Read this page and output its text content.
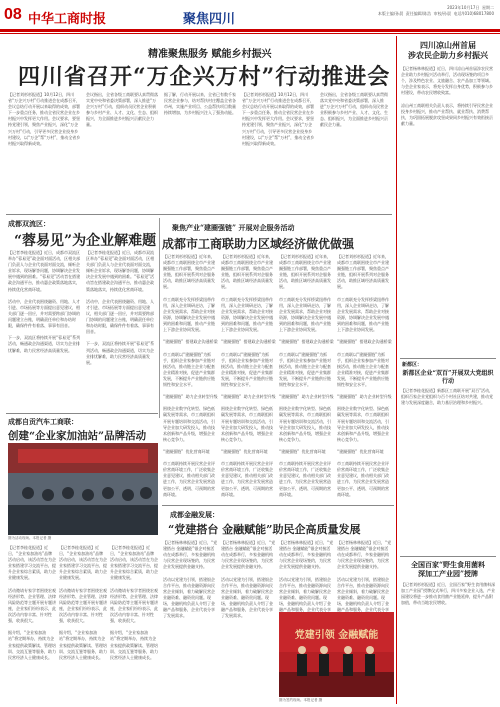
08 中华工商时报	聚焦四川
2023年10月17日  星期二
本版主编/孙晨  责任编辑/陈浩  审校/孙晨  电话/(010)68017800
精准聚焦服务 赋能乡村振兴
四川省召开“万企兴万村”行动推进会
【记者刘杉杉报道】10月12日，四川省“万企兴万村”行动推进会在成都召开，会议总结行动开展以来取得的成效，部署下一步重点任务，推动全省民营企业在乡村振兴中发挥更大作用。会议要求，要坚持党建引领，聚焦产业振兴，深化“万企兴万村”行动，引导更多民营企业投身乡村建设，以“万企”帮“万村”，推动全省乡村振兴取得新成效。
会议指出，全省各级工商联要认真贯彻落实党中央和省委决策部署，深入推进“万企兴万村”行动，组织动员民营企业积极参与乡村产业、人才、文化、生态、组织振兴，为全面推进乡村振兴贡献民企力量。
据了解，行动开展以来，全省已有数千家民营企业参与，结对帮扶村庄覆盖全省各市州，实施产业项目、公益帮扶项目数量持续增加，为乡村振兴注入了强劲动能。
【记者刘杉杉报道】10月12日，四川省“万企兴万村”行动推进会在成都召开，会议总结行动开展以来取得的成效，部署下一步重点任务，推动全省民营企业在乡村振兴中发挥更大作用。会议要求，要坚持党建引领，聚焦产业振兴，深化“万企兴万村”行动，引导更多民营企业投身乡村建设，以“万企”帮“万村”，推动全省乡村振兴取得新成效。
会议指出，全省各级工商联要认真贯彻落实党中央和省委决策部署，深入推进“万企兴万村”行动，组织动员民营企业积极参与乡村产业、人才、文化、生态、组织振兴，为全面推进乡村振兴贡献民企力量。
成都双流区：
“蓉易见”为企业解难题
【记者李桂花报道】近日，成都市双流区举办“蓉易见”政企面对面活动，区相关部门负责人与企业代表面对面交流，倾听企业诉求，现场解答问题，协调解决企业发展中遇到的困难。“蓉易见”活动旨在搭建政企沟通平台，推动惠企政策落地落实，持续优化营商环境。

活动中，企业代表围绕融资、用地、人才引进、市场拓展等方面提出意见建议，相关部门逐一回应，并对需要跨部门协调的问题建立台账，明确责任单位和办结时限，确保件件有着落、事事有回音。

下一步，双流区将持续开展“蓉易见”系列活动，畅通政企沟通渠道，切实为企业排忧解难，助力民营经济高质量发展。
【记者李桂花报道】近日，成都市双流区举办“蓉易见”政企面对面活动，区相关部门负责人与企业代表面对面交流，倾听企业诉求，现场解答问题，协调解决企业发展中遇到的困难。“蓉易见”活动旨在搭建政企沟通平台，推动惠企政策落地落实，持续优化营商环境。

活动中，企业代表围绕融资、用地、人才引进、市场拓展等方面提出意见建议，相关部门逐一回应，并对需要跨部门协调的问题建立台账，明确责任单位和办结时限，确保件件有着落、事事有回音。

下一步，双流区将持续开展“蓉易见”系列活动，畅通政企沟通渠道，切实为企业排忧解难，助力民营经济高质量发展。
聚焦产业“建圈强链” 开展对企服务活动
成都市工商联助力区域经济做优做强
【记者刘杉杉报道】近年来，成都市工商联围绕全市产业建圈强链工作部署，聚焦重点产业链，组织开展系列对企服务活动，助推区域经济高质量发展。

市工商联充分发挥桥梁纽带作用，深入企业调研走访，了解企业发展需求，帮助企业对接资源，协调解决企业发展中遇到的困难和问题，推动产业链上下游企业协同发展。

“建圈强链”  搭建政企沟通桥梁

市工商联以“建圈强链”为抓手，组织企业家参加产业链对接活动，推动链主企业与配套企业精准对接，促进产业集群发展，不断提升产业链供应链韧性和安全水平。

“建圈强链”  助力企业转型升级

围绕企业数字化转型、绿色低碳发展等需求，市工商联组织开展专题培训和交流活动，引导企业加大研发投入，推动技术创新和产品升级，增强企业核心竞争力。

“建圈强链”  优化营商环境

市工商联持续开展民营企业评价营商环境工作，广泛收集企业意见建议，推动相关部门改进工作，为民营企业发展营造更加公平、透明、可预期的营商环境。
【记者刘杉杉报道】近年来，成都市工商联围绕全市产业建圈强链工作部署，聚焦重点产业链，组织开展系列对企服务活动，助推区域经济高质量发展。

市工商联充分发挥桥梁纽带作用，深入企业调研走访，了解企业发展需求，帮助企业对接资源，协调解决企业发展中遇到的困难和问题，推动产业链上下游企业协同发展。

“建圈强链”  搭建政企沟通桥梁

市工商联以“建圈强链”为抓手，组织企业家参加产业链对接活动，推动链主企业与配套企业精准对接，促进产业集群发展，不断提升产业链供应链韧性和安全水平。

“建圈强链”  助力企业转型升级

围绕企业数字化转型、绿色低碳发展等需求，市工商联组织开展专题培训和交流活动，引导企业加大研发投入，推动技术创新和产品升级，增强企业核心竞争力。

“建圈强链”  优化营商环境

市工商联持续开展民营企业评价营商环境工作，广泛收集企业意见建议，推动相关部门改进工作，为民营企业发展营造更加公平、透明、可预期的营商环境。
【记者刘杉杉报道】近年来，成都市工商联围绕全市产业建圈强链工作部署，聚焦重点产业链，组织开展系列对企服务活动，助推区域经济高质量发展。

市工商联充分发挥桥梁纽带作用，深入企业调研走访，了解企业发展需求，帮助企业对接资源，协调解决企业发展中遇到的困难和问题，推动产业链上下游企业协同发展。

“建圈强链”  搭建政企沟通桥梁

市工商联以“建圈强链”为抓手，组织企业家参加产业链对接活动，推动链主企业与配套企业精准对接，促进产业集群发展，不断提升产业链供应链韧性和安全水平。

“建圈强链”  助力企业转型升级

围绕企业数字化转型、绿色低碳发展等需求，市工商联组织开展专题培训和交流活动，引导企业加大研发投入，推动技术创新和产品升级，增强企业核心竞争力。

“建圈强链”  优化营商环境

市工商联持续开展民营企业评价营商环境工作，广泛收集企业意见建议，推动相关部门改进工作，为民营企业发展营造更加公平、透明、可预期的营商环境。
【记者刘杉杉报道】近年来，成都市工商联围绕全市产业建圈强链工作部署，聚焦重点产业链，组织开展系列对企服务活动，助推区域经济高质量发展。

市工商联充分发挥桥梁纽带作用，深入企业调研走访，了解企业发展需求，帮助企业对接资源，协调解决企业发展中遇到的困难和问题，推动产业链上下游企业协同发展。

“建圈强链”  搭建政企沟通桥梁

市工商联以“建圈强链”为抓手，组织企业家参加产业链对接活动，推动链主企业与配套企业精准对接，促进产业集群发展，不断提升产业链供应链韧性和安全水平。

“建圈强链”  助力企业转型升级

围绕企业数字化转型、绿色低碳发展等需求，市工商联组织开展专题培训和交流活动，引导企业加大研发投入，推动技术创新和产品升级，增强企业核心竞争力。

“建圈强链”  优化营商环境

市工商联持续开展民营企业评价营商环境工作，广泛收集企业意见建议，推动相关部门改进工作，为民营企业发展营造更加公平、透明、可预期的营商环境。
成都自贡汽车工商联：
创建“企业家加油站”品牌活动
图为活动现场。本报记者 摄
【记者李桂花报道】近日，“企业家加油站”品牌活动启动，该活动旨在为企业家搭建学习交流平台，提升企业家综合素质，助力企业健康发展。

活动邀请专家学者围绕宏观经济形势、企业管理、法律风险防范等主题开展专题讲座，企业家们纷纷表示，此次活动内容丰富、针对性强，收获很大。

据介绍，“企业家加油站”将定期举办，持续为企业家提供政策解读、管理培训、交流互鉴等服务，助力民营经济人士健康成长。
【记者李桂花报道】近日，“企业家加油站”品牌活动启动，该活动旨在为企业家搭建学习交流平台，提升企业家综合素质，助力企业健康发展。

活动邀请专家学者围绕宏观经济形势、企业管理、法律风险防范等主题开展专题讲座，企业家们纷纷表示，此次活动内容丰富、针对性强，收获很大。

据介绍，“企业家加油站”将定期举办，持续为企业家提供政策解读、管理培训、交流互鉴等服务，助力民营经济人士健康成长。
【记者李桂花报道】近日，“企业家加油站”品牌活动启动，该活动旨在为企业家搭建学习交流平台，提升企业家综合素质，助力企业健康发展。

活动邀请专家学者围绕宏观经济形势、企业管理、法律风险防范等主题开展专题讲座，企业家们纷纷表示，此次活动内容丰富、针对性强，收获很大。

据介绍，“企业家加油站”将定期举办，持续为企业家提供政策解读、管理培训、交流互鉴等服务，助力民营经济人士健康成长。
成都金融发展：
“党建搭台 金融赋能”助民企高质量发展
【记者杨林林报道】近日，“党建搭台 金融赋能”银企对接活动在成都举行，多家金融机构与民营企业现场签约，为民营企业发展提供金融支持。

活动以党建为引领，搭建银企合作平台，推动金融资源向民营企业倾斜，着力破解民营企业融资难、融资贵问题。现场，金融机构负责人介绍了金融产品和服务，企业代表分享了发展需求。
【记者杨林林报道】近日，“党建搭台 金融赋能”银企对接活动在成都举行，多家金融机构与民营企业现场签约，为民营企业发展提供金融支持。

活动以党建为引领，搭建银企合作平台，推动金融资源向民营企业倾斜，着力破解民营企业融资难、融资贵问题。现场，金融机构负责人介绍了金融产品和服务，企业代表分享了发展需求。
【记者杨林林报道】近日，“党建搭台 金融赋能”银企对接活动在成都举行，多家金融机构与民营企业现场签约，为民营企业发展提供金融支持。

活动以党建为引领，搭建银企合作平台，推动金融资源向民营企业倾斜，着力破解民营企业融资难、融资贵问题。现场，金融机构负责人介绍了金融产品和服务，企业代表分享
【记者杨林林报道】近日，“党建搭台 金融赋能”银企对接活动在成都举行，多家金融机构与民营企业现场签约，为民营企业发展提供金融支持。

活动以党建为引领，搭建银企合作平台，推动金融资源向民营企业倾斜，着力破解民营企业融资难、融资贵问题。现场，金融机构负责人介绍了金融产品和服务，企业代表分享
党建引领 金融赋能
图为签约现场。本报记者 摄
四川凉山州首届
涉农民企助力乡村振兴
【记者杨林林报道】近日，四川凉山州首届涉农民营企业助力乡村振兴活动举行，活动现场签约项目多个，涉及特色农业、文旅融合、农产品加工等领域。与会企业家表示，将充分发挥自身优势，积极参与乡村建设，带动农民增收致富。

凉山州工商联相关负责人表示，将持续引导民营企业投身乡村振兴，推动产业帮扶、就业帮扶、消费帮扶，为巩固拓展脱贫攻坚成果同乡村振兴有效衔接贡献力量。
新都区：
新都区企业“双百”开展双大党组织行动
【记者李桂花报道】新都区工商联开展“双百”活动，组织百家企业党组织与百个村社区结对共建，推动党建与发展深度融合，助力基层治理和乡村振兴。
全国百家“野生食用菌料
深加工产业园”授牌
【记者刘杉杉报道】近日，全国百家“野生食用菌料深加工产业园”授牌仪式举行，四川多家企业入选，产业园建设将进一步推动食用菌产业链延伸，提升产品附加值，带动当地农民增收。
